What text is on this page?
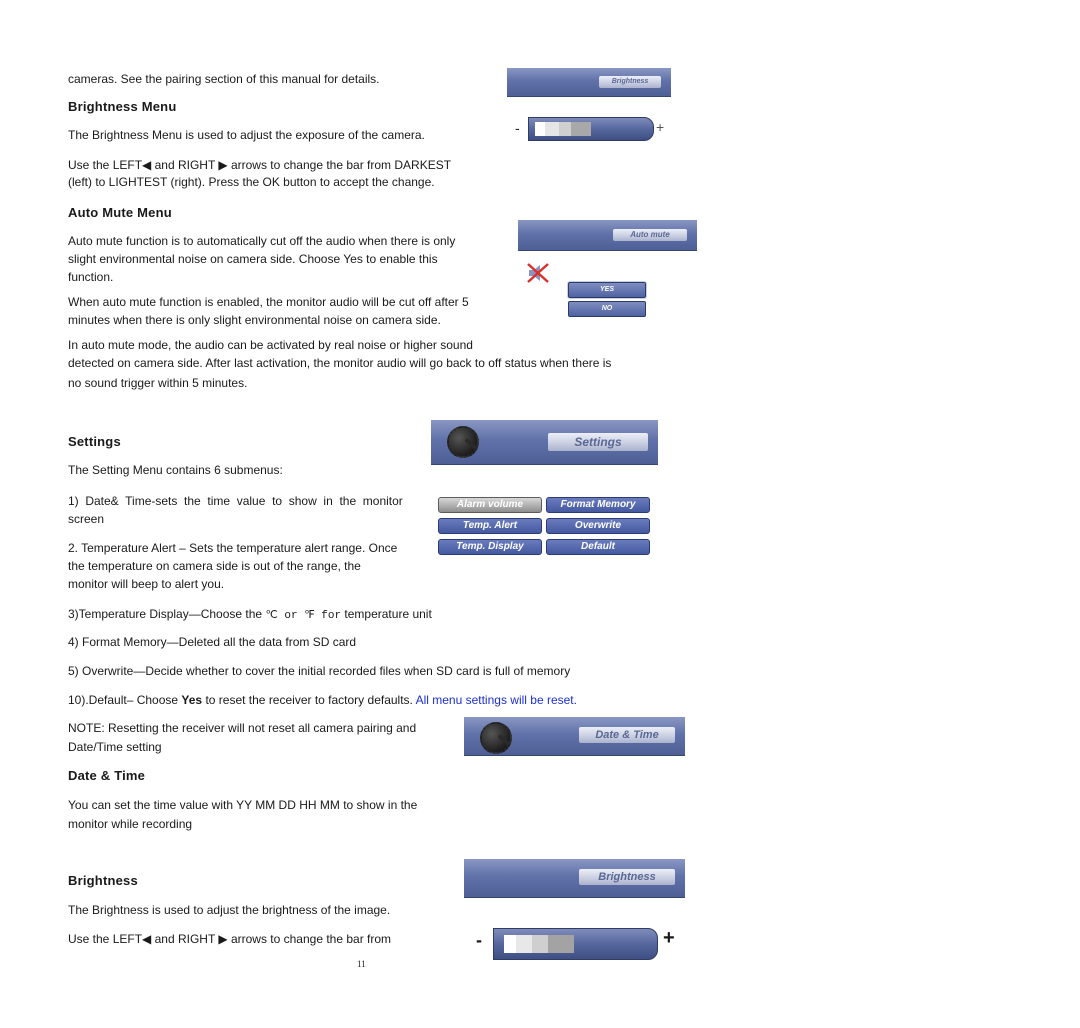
cameras. See the pairing section of this manual for details.
Brightness Menu
The Brightness Menu is used to adjust the exposure of the camera.
Use the LEFT◀ and RIGHT ▶ arrows to change the bar from DARKEST
(left) to LIGHTEST (right). Press the OK button to accept the change.
Brightness
-	+
Auto Mute Menu
Auto mute function is to automatically cut off the audio when there is only
slight environmental noise on camera side. Choose Yes to enable this
function.
When auto mute function is enabled, the monitor audio will be cut off after 5
minutes when there is only slight environmental noise on camera side.
In auto mute mode, the audio can be activated by real noise or higher sound
detected on camera side. After last activation, the monitor audio will go back to off status when there is
no sound trigger within 5 minutes.
Auto mute
YES
NO
Settings
The Setting Menu contains 6 submenus:
1)  Date&  Time-sets  the  time  value  to  show  in  the  monitor
screen
2. Temperature Alert – Sets the temperature alert range. Once
the temperature on camera side is out of the range, the
monitor will beep to alert you.
3)Temperature Display—Choose the ℃ or ℉ for temperature unit
4) Format Memory—Deleted all the data from SD card
5) Overwrite—Decide whether to cover the initial recorded files when SD card is full of memory
10).Default– Choose Yes to reset the receiver to factory defaults. All menu settings will be reset.
NOTE: Resetting the receiver will not reset all camera pairing and
Date/Time setting
Settings
Alarm volume	Format Memory
Temp. Alert	Overwrite
Temp. Display	Default
Date & Time
You can set the time value with YY MM DD HH MM to show in the
monitor while recording
Date & Time
Brightness
The Brightness is used to adjust the brightness of the image.
Use the LEFT◀ and RIGHT ▶ arrows to change the bar from
Brightness
-	+
11
